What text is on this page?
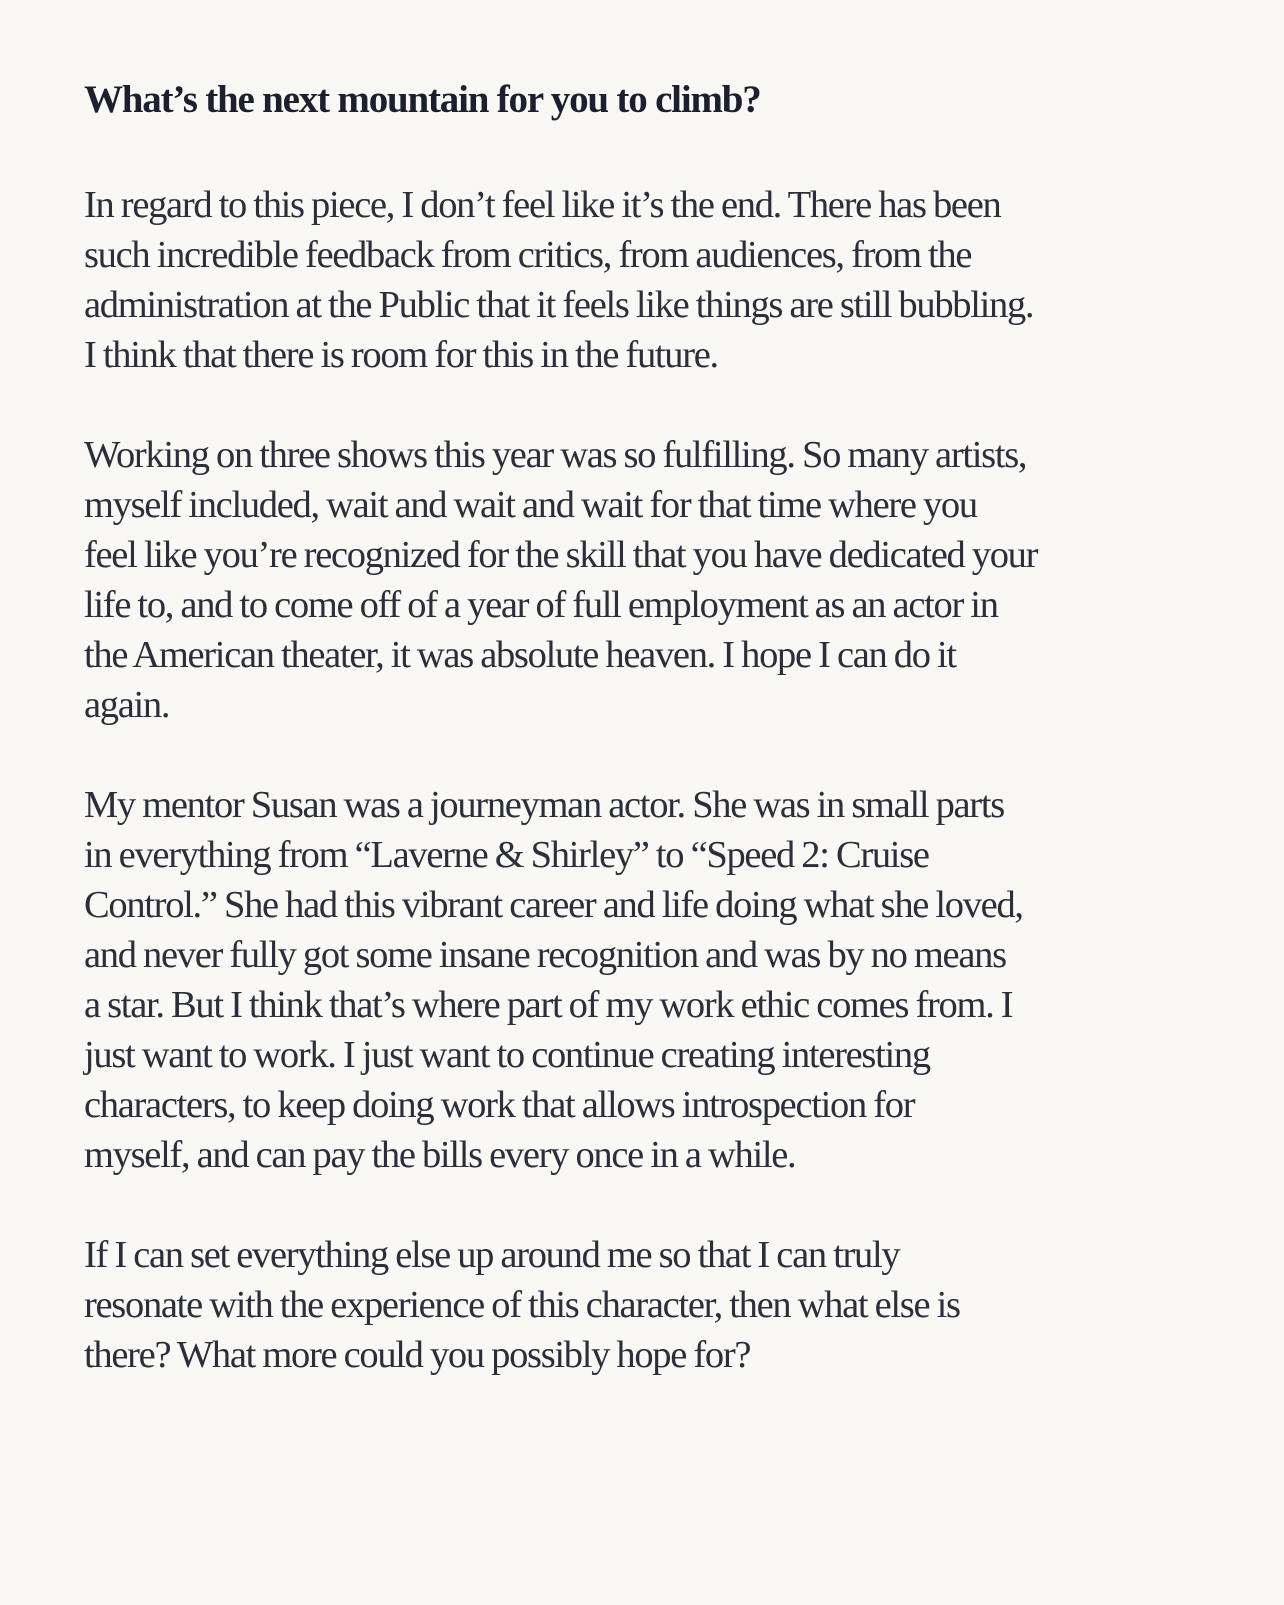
What’s the next mountain for you to climb?

In regard to this piece, I don’t feel like it’s the end. There has been
such incredible feedback from critics, from audiences, from the
administration at the Public that it feels like things are still bubbling.
I think that there is room for this in the future.

Working on three shows this year was so fulfilling. So many artists,
myself included, wait and wait and wait for that time where you
feel like you’re recognized for the skill that you have dedicated your
life to, and to come off of a year of full employment as an actor in
the American theater, it was absolute heaven. I hope I can do it
again.

My mentor Susan was a journeyman actor. She was in small parts
in everything from “Laverne & Shirley” to “Speed 2: Cruise
Control.” She had this vibrant career and life doing what she loved,
and never fully got some insane recognition and was by no means
a star. But I think that’s where part of my work ethic comes from. I
just want to work. I just want to continue creating interesting
characters, to keep doing work that allows introspection for
myself, and can pay the bills every once in a while.

If I can set everything else up around me so that I can truly
resonate with the experience of this character, then what else is
there? What more could you possibly hope for?
